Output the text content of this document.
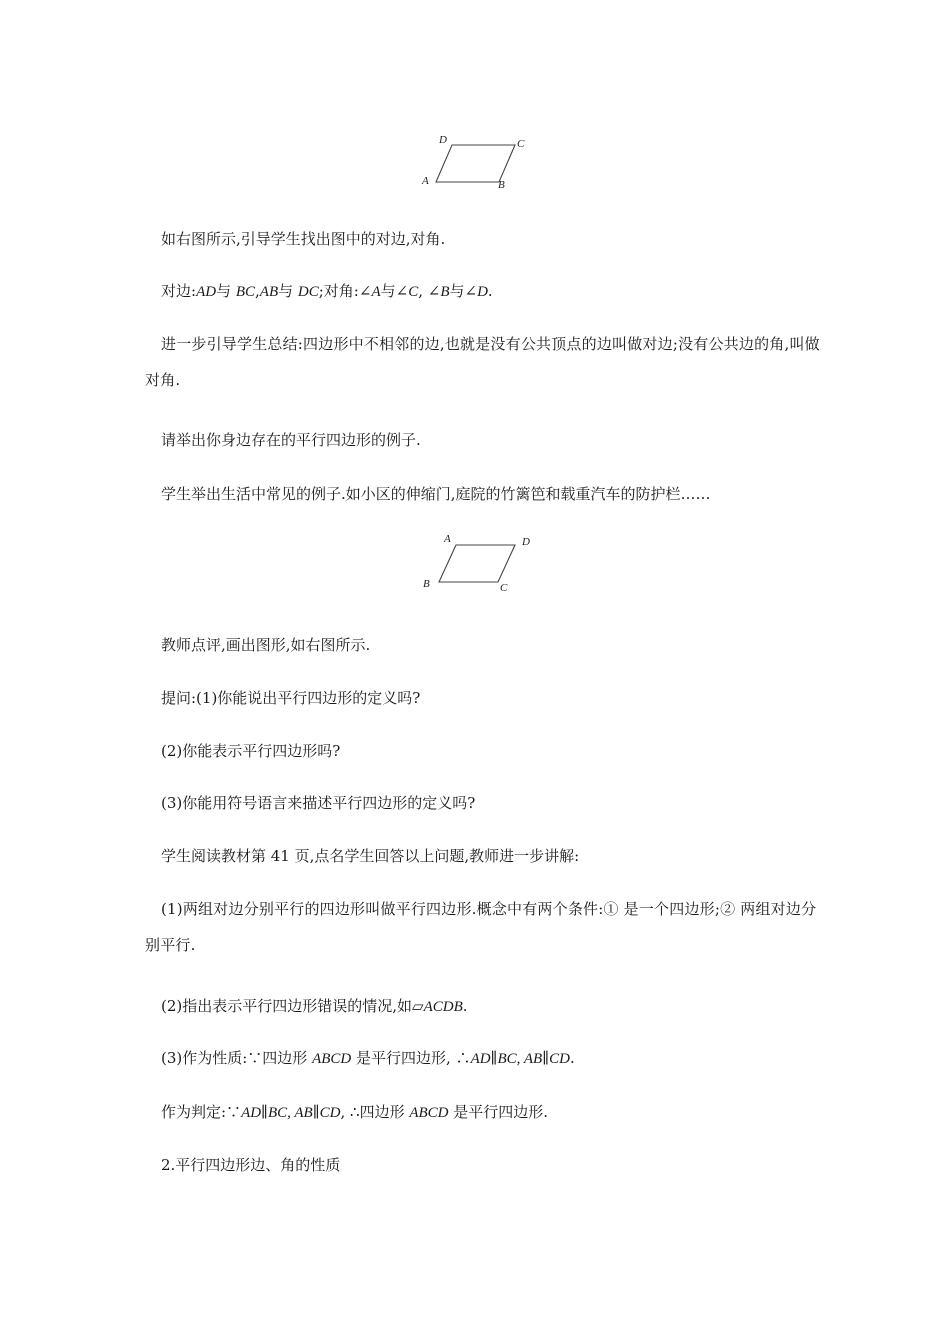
D	C
A	B
如右图所示,引导学生找出图中的对边,对角.
对边:AD与 BC,AB与 DC;对角:∠A与∠C, ∠B与∠D.
进一步引导学生总结:四边形中不相邻的边,也就是没有公共顶点的边叫做对边;没有公共边的角,叫做对角.
请举出你身边存在的平行四边形的例子.
学生举出生活中常见的例子.如小区的伸缩门,庭院的竹篱笆和载重汽车的防护栏……
A	D
B	C
教师点评,画出图形,如右图所示.
提问:(1)你能说出平行四边形的定义吗?
(2)你能表示平行四边形吗?
(3)你能用符号语言来描述平行四边形的定义吗?
学生阅读教材第 41 页,点名学生回答以上问题,教师进一步讲解:
(1)两组对边分别平行的四边形叫做平行四边形.概念中有两个条件:① 是一个四边形;② 两组对边分别平行.
(2)指出表示平行四边形错误的情况,如▱ACDB.
(3)作为性质:∵四边形 ABCD 是平行四边形, ∴AD∥BC, AB∥CD.
作为判定:∵AD∥BC, AB∥CD, ∴四边形 ABCD 是平行四边形.
2.平行四边形边、角的性质
